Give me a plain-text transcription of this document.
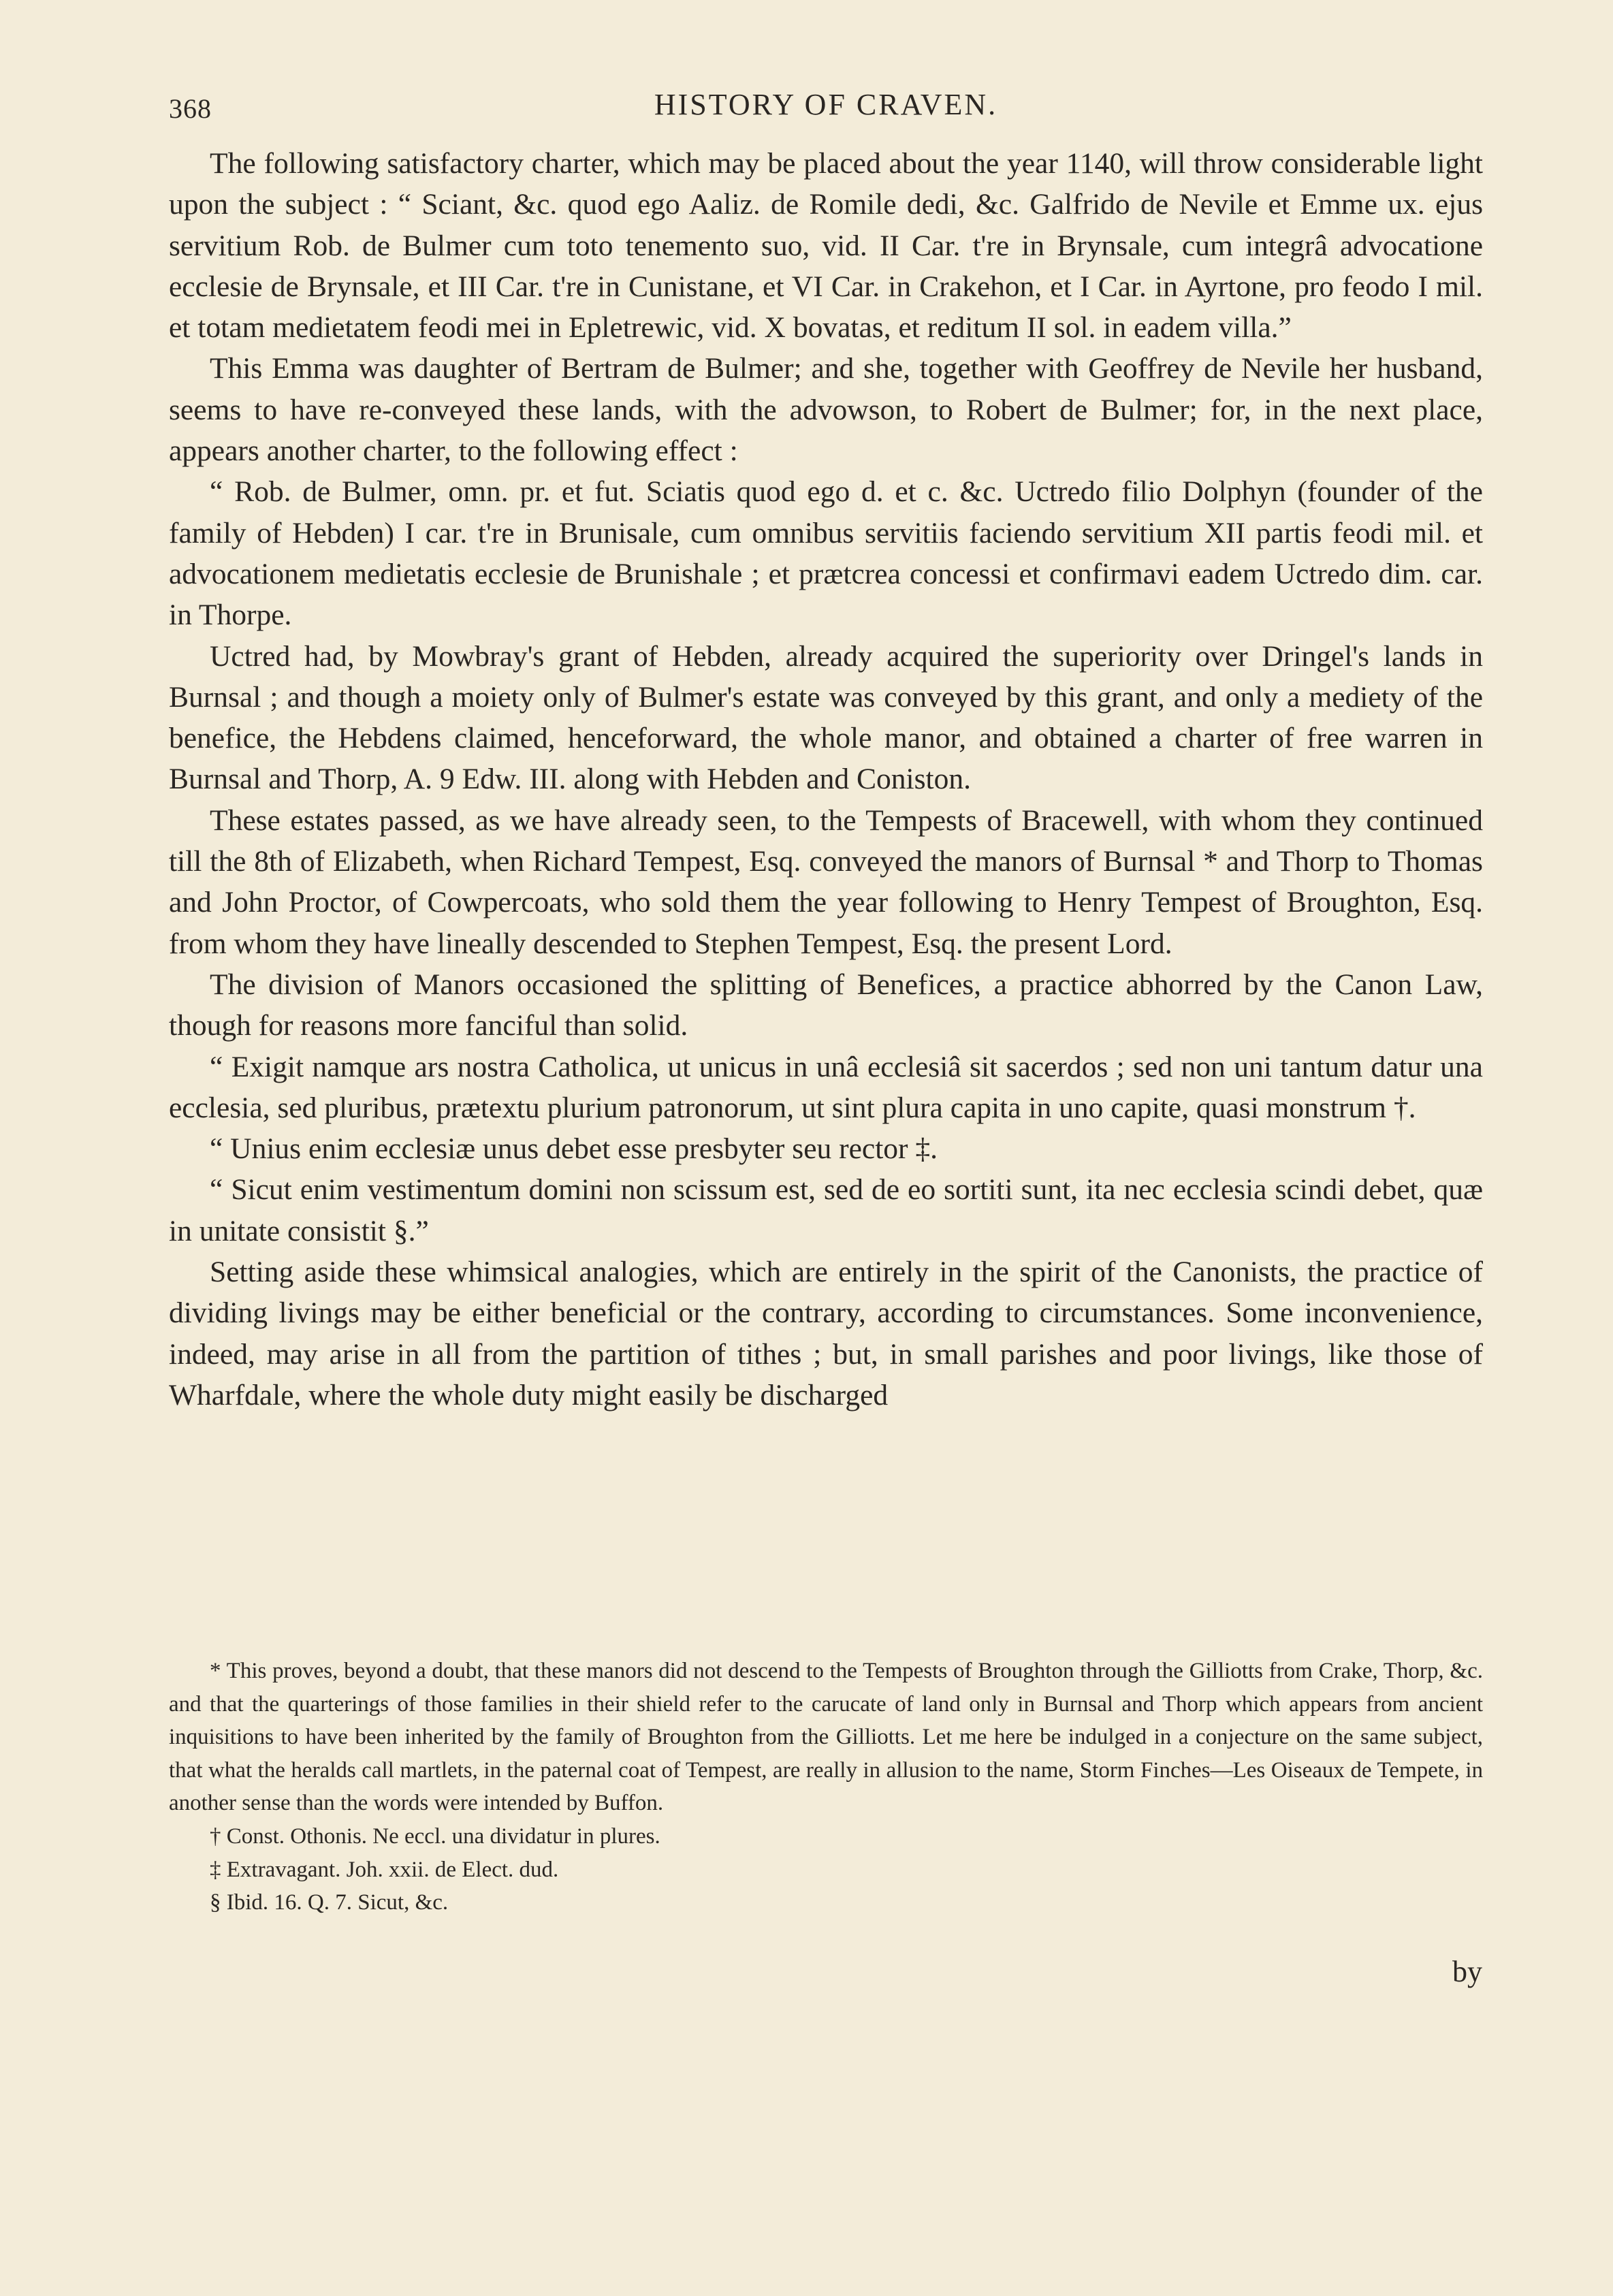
368	HISTORY OF CRAVEN.

The following satisfactory charter, which may be placed about the year 1140, will throw considerable light upon the subject : “ Sciant, &c. quod ego Aaliz. de Romile dedi, &c. Galfrido de Nevile et Emme ux. ejus servitium Rob. de Bulmer cum toto tenemento suo, vid. II Car. t're in Brynsale, cum integrâ advocatione ecclesie de Brynsale, et III Car. t're in Cunistane, et VI Car. in Crakehon, et I Car. in Ayrtone, pro feodo I mil. et totam medietatem feodi mei in Epletrewic, vid. X bovatas, et reditum II sol. in eadem villa.”

This Emma was daughter of Bertram de Bulmer; and she, together with Geoffrey de Nevile her husband, seems to have re-conveyed these lands, with the advowson, to Robert de Bulmer; for, in the next place, appears another charter, to the following effect :

“ Rob. de Bulmer, omn. pr. et fut. Sciatis quod ego d. et c. &c. Uctredo filio Dolphyn (founder of the family of Hebden) I car. t're in Brunisale, cum omnibus servitiis faciendo servitium XII partis feodi mil. et advocationem medietatis ecclesie de Brunishale ; et prætcrea concessi et confirmavi eadem Uctredo dim. car. in Thorpe.

Uctred had, by Mowbray's grant of Hebden, already acquired the superiority over Dringel's lands in Burnsal ; and though a moiety only of Bulmer's estate was conveyed by this grant, and only a mediety of the benefice, the Hebdens claimed, henceforward, the whole manor, and obtained a charter of free warren in Burnsal and Thorp, A. 9 Edw. III. along with Hebden and Coniston.

These estates passed, as we have already seen, to the Tempests of Bracewell, with whom they continued till the 8th of Elizabeth, when Richard Tempest, Esq. conveyed the manors of Burnsal * and Thorp to Thomas and John Proctor, of Cowpercoats, who sold them the year following to Henry Tempest of Broughton, Esq. from whom they have lineally descended to Stephen Tempest, Esq. the present Lord.

The division of Manors occasioned the splitting of Benefices, a practice abhorred by the Canon Law, though for reasons more fanciful than solid.

“ Exigit namque ars nostra Catholica, ut unicus in unâ ecclesiâ sit sacerdos ; sed non uni tantum datur una ecclesia, sed pluribus, prætextu plurium patronorum, ut sint plura capita in uno capite, quasi monstrum †.

“ Unius enim ecclesiæ unus debet esse presbyter seu rector ‡.

“ Sicut enim vestimentum domini non scissum est, sed de eo sortiti sunt, ita nec ecclesia scindi debet, quæ in unitate consistit §.”

Setting aside these whimsical analogies, which are entirely in the spirit of the Canonists, the practice of dividing livings may be either beneficial or the contrary, according to circumstances. Some inconvenience, indeed, may arise in all from the partition of tithes ; but, in small parishes and poor livings, like those of Wharfdale, where the whole duty might easily be discharged

* This proves, beyond a doubt, that these manors did not descend to the Tempests of Broughton through the Gilliotts from Crake, Thorp, &c. and that the quarterings of those families in their shield refer to the carucate of land only in Burnsal and Thorp which appears from ancient inquisitions to have been inherited by the family of Broughton from the Gilliotts. Let me here be indulged in a conjecture on the same subject, that what the heralds call martlets, in the paternal coat of Tempest, are really in allusion to the name, Storm Finches—Les Oiseaux de Tempete, in another sense than the words were intended by Buffon.

† Const. Othonis. Ne eccl. una dividatur in plures.

‡ Extravagant. Joh. xxii. de Elect. dud.

§ Ibid. 16. Q. 7. Sicut, &c.

by
